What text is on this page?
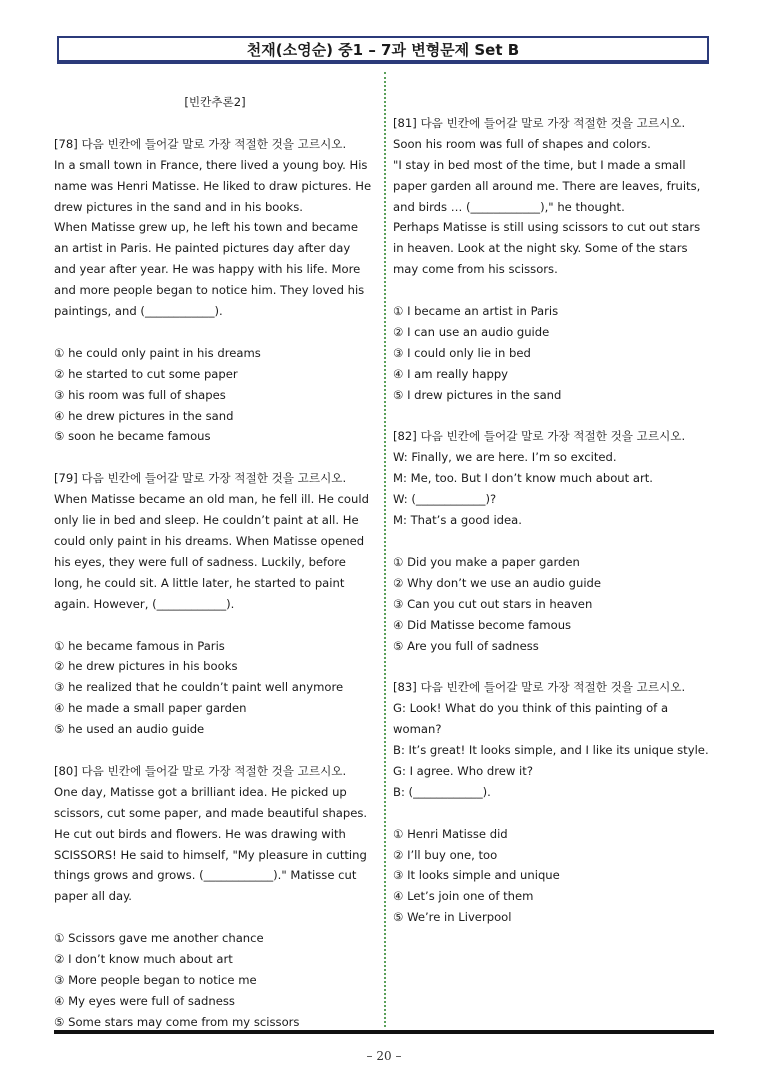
천재(소영순) 중1 – 7과 변형문제 Set B

[빈칸추론2]

[78] 다음 빈칸에 들어갈 말로 가장 적절한 것을 고르시오.

In a small town in France, there lived a young boy. His

name was Henri Matisse. He liked to draw pictures. He

drew pictures in the sand and in his books.

When Matisse grew up, he left his town and became

an artist in Paris. He painted pictures day after day

and year after year. He was happy with his life. More

and more people began to notice him. They loved his

paintings, and (____________).

① he could only paint in his dreams

② he started to cut some paper

③ his room was full of shapes

④ he drew pictures in the sand

⑤ soon he became famous

[79] 다음 빈칸에 들어갈 말로 가장 적절한 것을 고르시오.

When Matisse became an old man, he fell ill. He could

only lie in bed and sleep. He couldn’t paint at all. He

could only paint in his dreams. When Matisse opened

his eyes, they were full of sadness. Luckily, before

long, he could sit. A little later, he started to paint

again. However, (____________).

① he became famous in Paris

② he drew pictures in his books

③ he realized that he couldn’t paint well anymore

④ he made a small paper garden

⑤ he used an audio guide

[80] 다음 빈칸에 들어갈 말로 가장 적절한 것을 고르시오.

One day, Matisse got a brilliant idea. He picked up

scissors, cut some paper, and made beautiful shapes.

He cut out birds and flowers. He was drawing with

SCISSORS! He said to himself, "My pleasure in cutting

things grows and grows. (____________)." Matisse cut

paper all day.

① Scissors gave me another chance

② I don’t know much about art

③ More people began to notice me

④ My eyes were full of sadness

⑤ Some stars may come from my scissors

[81] 다음 빈칸에 들어갈 말로 가장 적절한 것을 고르시오.

Soon his room was full of shapes and colors.

"I stay in bed most of the time, but I made a small

paper garden all around me. There are leaves, fruits,

and birds … (____________)," he thought.

Perhaps Matisse is still using scissors to cut out stars

in heaven. Look at the night sky. Some of the stars

may come from his scissors.

① I became an artist in Paris

② I can use an audio guide

③ I could only lie in bed

④ I am really happy

⑤ I drew pictures in the sand

[82] 다음 빈칸에 들어갈 말로 가장 적절한 것을 고르시오.

W: Finally, we are here. I’m so excited.

M: Me, too. But I don’t know much about art.

W: (____________)?

M: That’s a good idea.

① Did you make a paper garden

② Why don’t we use an audio guide

③ Can you cut out stars in heaven

④ Did Matisse become famous

⑤ Are you full of sadness

[83] 다음 빈칸에 들어갈 말로 가장 적절한 것을 고르시오.

G: Look! What do you think of this painting of a

woman?

B: It’s great! It looks simple, and I like its unique style.

G: I agree. Who drew it?

B: (____________).

① Henri Matisse did

② I’ll buy one, too

③ It looks simple and unique

④ Let’s join one of them

⑤ We’re in Liverpool

– 20 –
